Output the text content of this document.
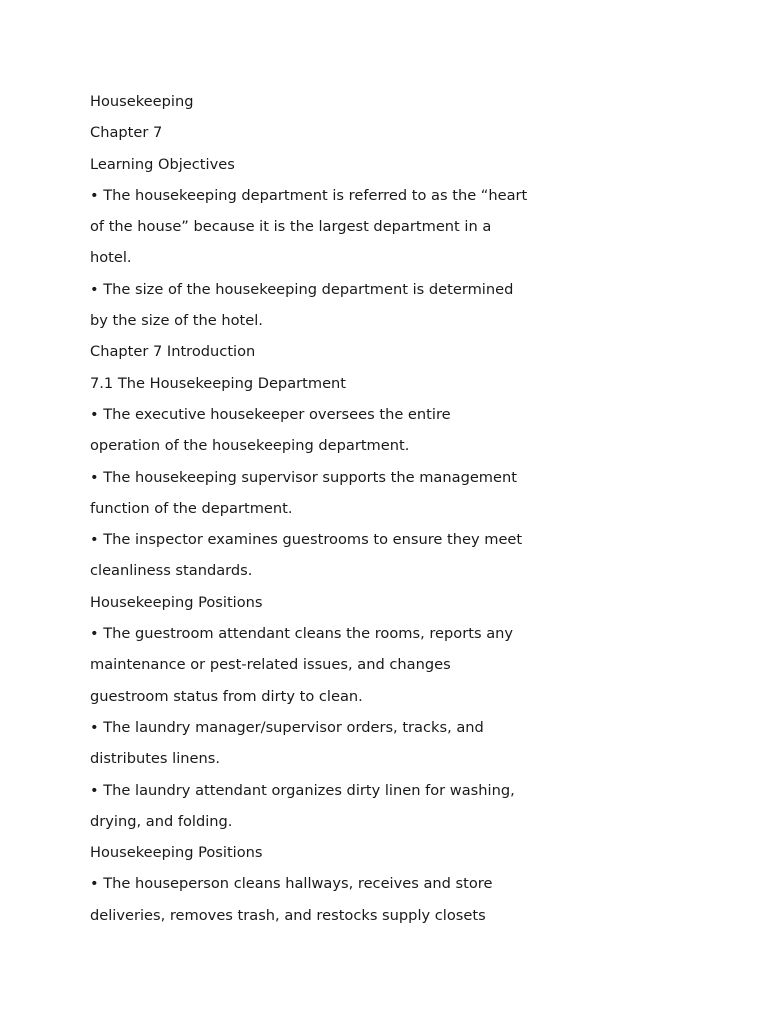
Housekeeping
Chapter 7
Learning Objectives
• The housekeeping department is referred to as the “heart
of the house” because it is the largest department in a
hotel.
• The size of the housekeeping department is determined
by the size of the hotel.
Chapter 7 Introduction
7.1 The Housekeeping Department
• The executive housekeeper oversees the entire
operation of the housekeeping department.
• The housekeeping supervisor supports the management
function of the department.
• The inspector examines guestrooms to ensure they meet
cleanliness standards.
Housekeeping Positions
• The guestroom attendant cleans the rooms, reports any
maintenance or pest-related issues, and changes
guestroom status from dirty to clean.
• The laundry manager/supervisor orders, tracks, and
distributes linens.
• The laundry attendant organizes dirty linen for washing,
drying, and folding.
Housekeeping Positions
• The houseperson cleans hallways, receives and store
deliveries, removes trash, and restocks supply closets
